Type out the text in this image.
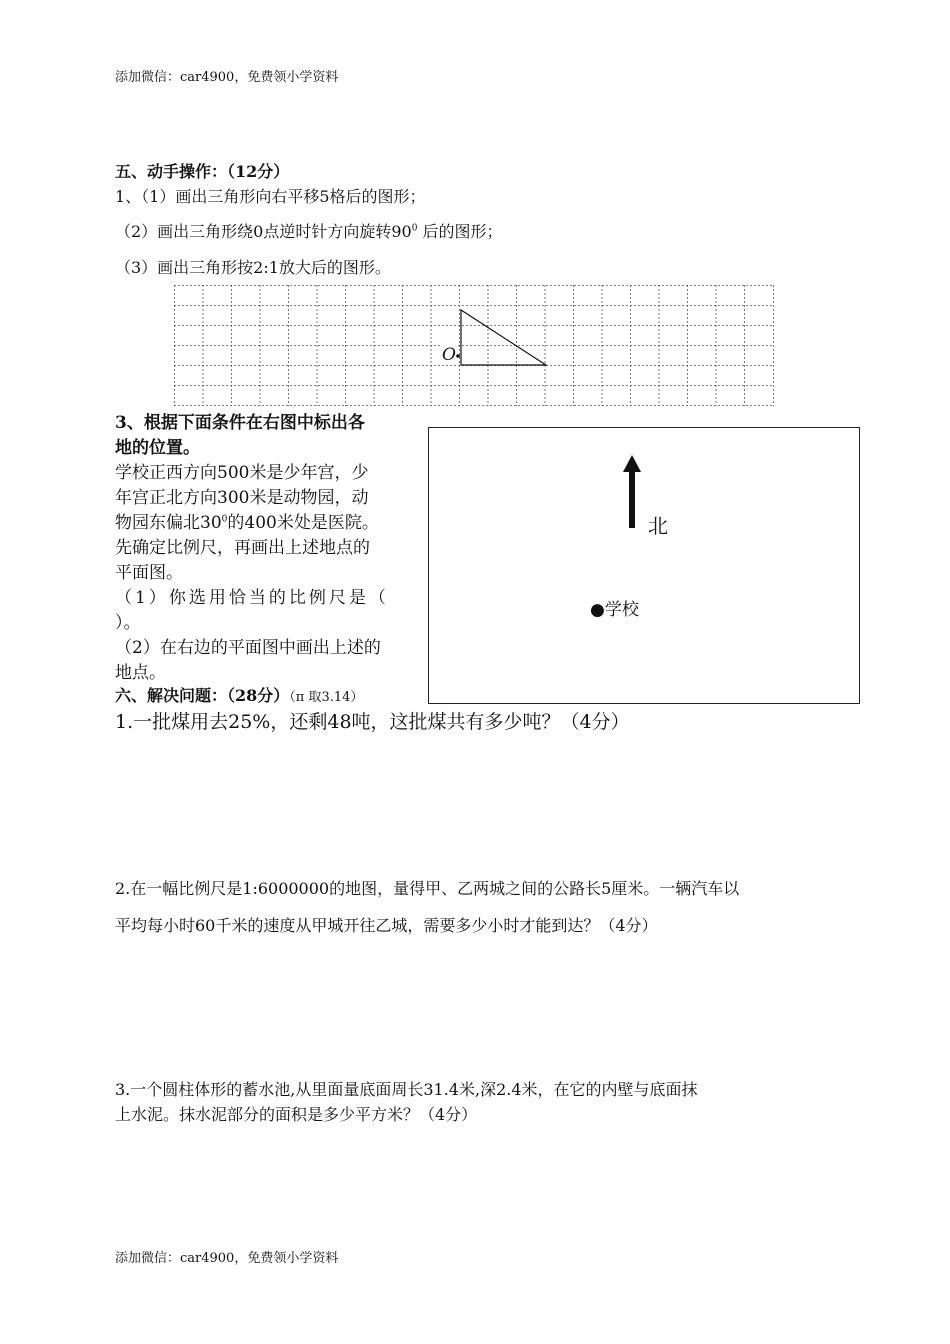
添加微信：car4900，免费领小学资料
五、动手操作：（12分）
1、（1）画出三角形向右平移5格后的图形；
（2）画出三角形绕0点逆时针方向旋转$90^0$ 后的图形；
（3）画出三角形按2:1放大后的图形。
O
3、根据下面条件在右图中标出各
地的位置。
学校正西方向500米是少年宫，少
年宫正北方向300米是动物园，动
物园东偏北$30^0$的400米处是医院。
先确定比例尺，再画出上述地点的
平面图。
（1）你选用恰当的比例尺是（
）。
（2）在右边的平面图中画出上述的
地点。
北
●学校
六、解决问题：（28分）（π 取3.14）
1.一批煤用去25%，还剩48吨，这批煤共有多少吨？（4分）
2.在一幅比例尺是1:6000000的地图，量得甲、乙两城之间的公路长5厘米。一辆汽车以
平均每小时60千米的速度从甲城开往乙城，需要多少小时才能到达？（4分）
3.一个圆柱体形的蓄水池,从里面量底面周长31.4米,深2.4米，在它的内壁与底面抹
上水泥。抹水泥部分的面积是多少平方米？（4分）
添加微信：car4900，免费领小学资料
